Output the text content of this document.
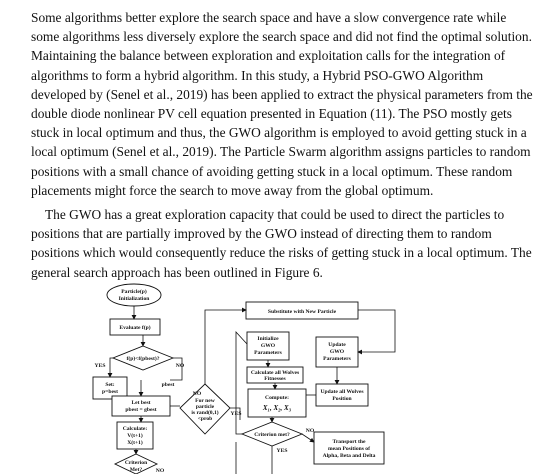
Some algorithms better explore the search space and have a slow convergence rate while
some algorithms less diversely explore the search space and did not find the optimal solution.
Maintaining the balance between exploration and exploitation calls for the integration of
algorithms to form a hybrid algorithm. In this study, a Hybrid PSO-GWO Algorithm
developed by (Senel et al., 2019) has been applied to extract the physical parameters from the
double diode nonlinear PV cell equation presented in Equation (11). The PSO mostly gets
stuck in local optimum and thus, the GWO algorithm is employed to avoid getting stuck in a
local optimum (Senel et al., 2019). The Particle Swarm algorithm assigns particles to random
positions with a small chance of avoiding getting stuck in a local optimum. These random
placements might force the search to move away from the global optimum.
The GWO has a great exploration capacity that could be used to direct the particles to
positions that are partially improved by the GWO instead of directing them to random
positions which would consequently reduce the risks of getting stuck in a local optimum. The
general search approach has been outlined in Figure 6.
Particle(p)
Initialization
Evaluate f(p)
f(p)<f(pbest)?
YES	NO
Set:
p=best
pbest
Let best
pbest = gbest
Calculate:
V(t+1)
X(t+1)
Criterion
Met? NO
NO
For new
particle
is rand(0,1)
<prob
YES
Substitute with New Particle
Initialize
GWO
Parameters
Calculate all Wolves
Fitnesses
Compute:
X₁, X₂, X₃
Update
GWO
Parameters
Update all Wolves
Position
Criterion met?
NO
YES
Transport the
mean Positions of
Alpha, Beta and Delta
